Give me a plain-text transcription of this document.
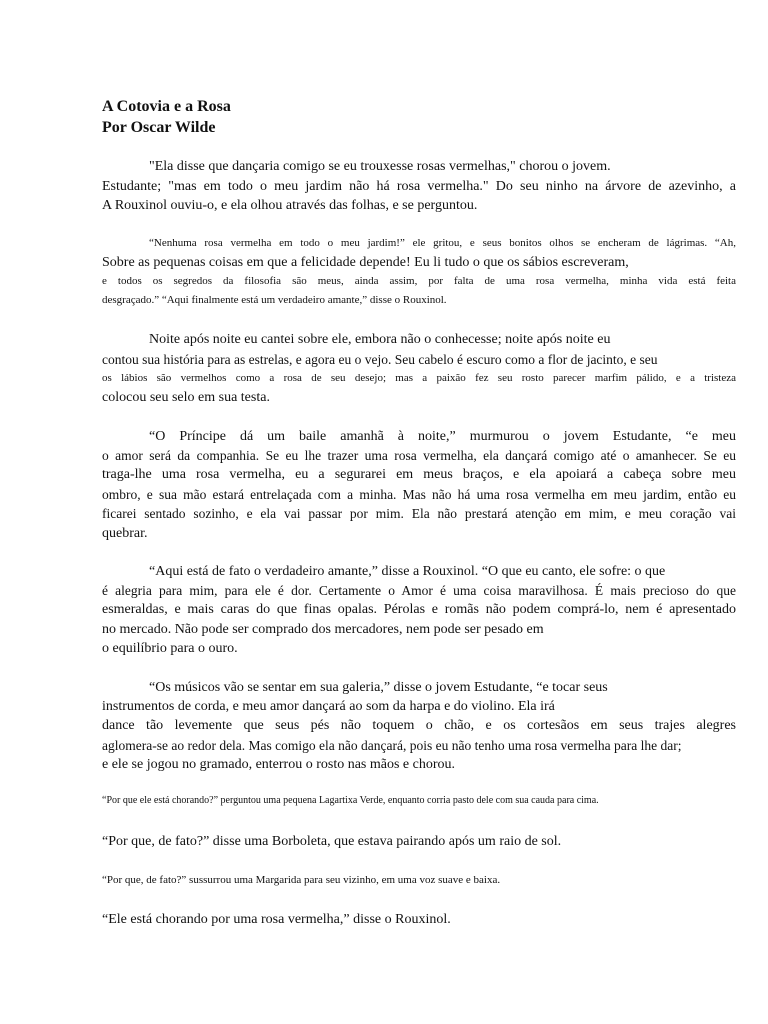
A Cotovia e a Rosa
Por Oscar Wilde
"Ela disse que dançaria comigo se eu trouxesse rosas vermelhas," chorou o jovem.
Estudante; "mas em todo o meu jardim não há rosa vermelha." Do seu ninho na árvore de azevinho, a
A Rouxinol ouviu-o, e ela olhou através das folhas, e se perguntou.
“Nenhuma rosa vermelha em todo o meu jardim!” ele gritou, e seus bonitos olhos se encheram de lágrimas. “Ah,
Sobre as pequenas coisas em que a felicidade depende! Eu li tudo o que os sábios escreveram,
e todos os segredos da filosofia são meus, ainda assim, por falta de uma rosa vermelha, minha vida está feita
desgraçado.” “Aqui finalmente está um verdadeiro amante,” disse o Rouxinol.
Noite após noite eu cantei sobre ele, embora não o conhecesse; noite após noite eu
contou sua história para as estrelas, e agora eu o vejo. Seu cabelo é escuro como a flor de jacinto, e seu
os lábios são vermelhos como a rosa de seu desejo; mas a paixão fez seu rosto parecer marfim pálido, e a tristeza
colocou seu selo em sua testa.
“O Príncipe dá um baile amanhã à noite,” murmurou o jovem Estudante, “e meu
o amor será da companhia. Se eu lhe trazer uma rosa vermelha, ela dançará comigo até o amanhecer. Se eu
traga-lhe uma rosa vermelha, eu a segurarei em meus braços, e ela apoiará a cabeça sobre meu
ombro, e sua mão estará entrelaçada com a minha. Mas não há uma rosa vermelha em meu jardim, então eu
ficarei sentado sozinho, e ela vai passar por mim. Ela não prestará atenção em mim, e meu coração vai
quebrar.
“Aqui está de fato o verdadeiro amante,” disse a Rouxinol. “O que eu canto, ele sofre: o que
é alegria para mim, para ele é dor. Certamente o Amor é uma coisa maravilhosa. É mais precioso do que
esmeraldas, e mais caras do que finas opalas. Pérolas e romãs não podem comprá-lo, nem é apresentado
no mercado. Não pode ser comprado dos mercadores, nem pode ser pesado em
o equilíbrio para o ouro.
“Os músicos vão se sentar em sua galeria,” disse o jovem Estudante, “e tocar seus
instrumentos de corda, e meu amor dançará ao som da harpa e do violino. Ela irá
dance tão levemente que seus pés não toquem o chão, e os cortesãos em seus trajes alegres
aglomera-se ao redor dela. Mas comigo ela não dançará, pois eu não tenho uma rosa vermelha para lhe dar;
e ele se jogou no gramado, enterrou o rosto nas mãos e chorou.
“Por que ele está chorando?” perguntou uma pequena Lagartixa Verde, enquanto corria pasto dele com sua cauda para cima.
“Por que, de fato?” disse uma Borboleta, que estava pairando após um raio de sol.
“Por que, de fato?” sussurrou uma Margarida para seu vizinho, em uma voz suave e baixa.
“Ele está chorando por uma rosa vermelha,” disse o Rouxinol.
